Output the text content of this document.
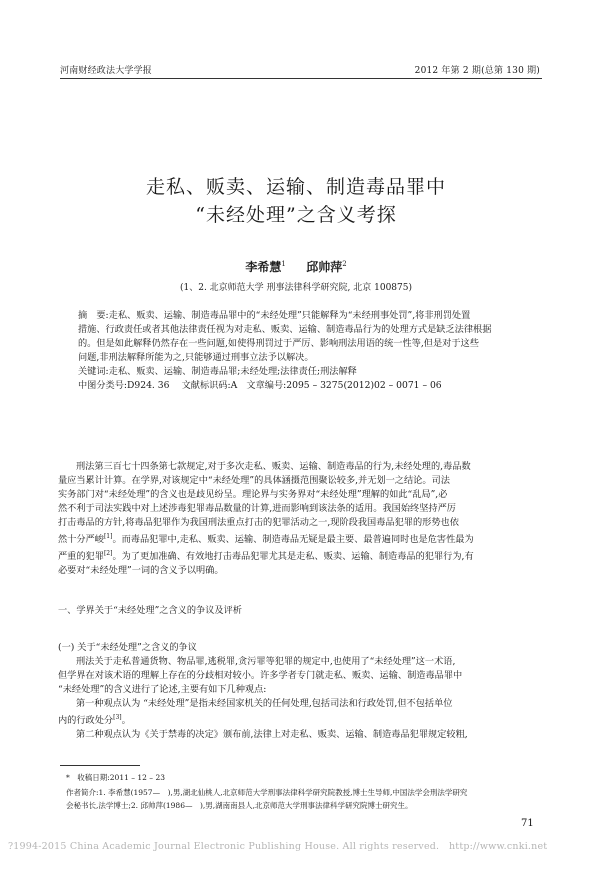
河南财经政法大学学报	2012 年第 2 期(总第 130 期)
走私、贩卖、运输、制造毒品罪中
“未经处理”之含义考探
李希慧$^1$ 邱帅萍$^2$
(1、2. 北京师范大学 刑事法律科学研究院, 北京 100875)
摘　要:走私、贩卖、运输、制造毒品罪中的“未经处理”只能解释为“未经刑事处罚”,将非刑罚处置
措施、行政责任或者其他法律责任视为对走私、贩卖、运输、制造毒品行为的处理方式是缺乏法律根据
的。但是如此解释仍然存在一些问题,如使得刑罚过于严厉、影响刑法用语的统一性等,但是对于这些
问题,非刑法解释所能为之,只能够通过刑事立法予以解决。
关键词:走私、贩卖、运输、制造毒品罪;未经处理;法律责任;刑法解释
中图分类号:D924. 36　 文献标识码:A　文章编号:2095 – 3275(2012)02 – 0071 – 06
刑法第三百七十四条第七款规定,对于多次走私、贩卖、运输、制造毒品的行为,未经处理的,毒品数
量应当累计计算。在学界,对该规定中“未经处理”的具体涵摄范围聚讼较多,并无划一之结论。司法
实务部门对“未经处理”的含义也是歧见纷呈。理论界与实务界对“未经处理”理解的如此“乱局”,必
然不利于司法实践中对上述涉毒犯罪毒品数量的计算,进而影响到该法条的适用。我国始终坚持严厉
打击毒品的方针,将毒品犯罪作为我国刑法重点打击的犯罪活动之一,现阶段我国毒品犯罪的形势也依
然十分严峻[1]。而毒品犯罪中,走私、贩卖、运输、制造毒品无疑是最主要、最普遍同时也是危害性最为
严重的犯罪[2]。为了更加准确、有效地打击毒品犯罪尤其是走私、贩卖、运输、制造毒品的犯罪行为,有
必要对“未经处理”一词的含义予以明确。
一、学界关于“未经处理”之含义的争议及评析
(一) 关于“未经处理”之含义的争议
刑法关于走私普通货物、物品罪,逃税罪,贪污罪等犯罪的规定中,也使用了“未经处理”这一术语,
但学界在对该术语的理解上存在的分歧相对较小。许多学者专门就走私、贩卖、运输、制造毒品罪中
“未经处理”的含义进行了论述,主要有如下几种观点:
第一种观点认为 “未经处理”是指未经国家机关的任何处理,包括司法和行政处罚,但不包括单位
内的行政处分[3]。
第二种观点认为《关于禁毒的决定》颁布前,法律上对走私、贩卖、运输、制造毒品犯罪规定较粗,
*　收稿日期:2011 – 12 – 23
作者简介:1. 李希慧(1957—　),男,湖北仙桃人,北京师范大学刑事法律科学研究院教授,博士生导师,中国法学会刑法学研究
会秘书长,法学博士;2. 邱帅萍(1986—　),男,湖南南县人,北京师范大学刑事法律科学研究院博士研究生。
71
?1994-2015 China Academic Journal Electronic Publishing House. All rights reserved.　http://www.cnki.net
